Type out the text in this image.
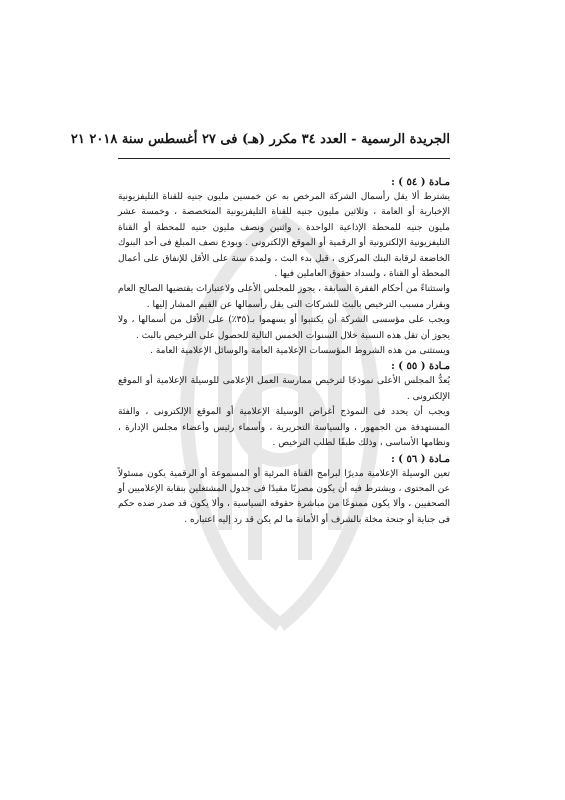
الجريدة الرسمية - العدد ٣٤ مكرر (هـ) فى ٢٧ أغسطس سنة ٢٠١٨ ٢١

مـادة ( ٥٤ ) :

يشترط ألا يقل رأسمال الشركة المرخص به عن خمسين مليون جنيه للقناة التليفزيونية الإخبارية أو العامة ، وثلاثين مليون جنيه للقناة التليفزيونية المتخصصة ، وخمسة عشر مليون جنيه للمحطة الإذاعية الواحدة ، واثنين ونصف مليون جنيه للمحطة أو القناة التليفزيونية الإلكترونية أو الرقمية أو الموقع الإلكترونى . ويودع نصف المبلغ فى أحد البنوك الخاضعة لرقابة البنك المركزى ، قبل بدء البث ، ولمدة سنة على الأقل للإنفاق على أعمال المحطة أو القناة ، ولسداد حقوق العاملين فيها .

واستثناءً من أحكام الفقرة السابقة ، يجوز للمجلس الأعلى ولاعتبارات يقتضيها الصالح العام وبقرار مسبب الترخيص بالبث للشركات التى يقل رأسمالها عن القيم المشار إليها .

ويجب على مؤسسى الشركة أن يكتتبوا أو يسهموا بـ(٣٥٪) على الأقل من أسمالها ، ولا يجوز أن تقل هذه النسبة خلال السنوات الخمس التالية للحصول على الترخيص بالبث .

ويستثنى من هذه الشروط المؤسسات الإعلامية العامة والوسائل الإعلامية العامة .

مـادة ( ٥٥ ) :

يُعدُّ المجلس الأعلى نموذجًا لترخيص ممارسة العمل الإعلامى للوسيلة الإعلامية أو الموقع الإلكترونى .

ويجب أن يحدد فى النموذج أغراض الوسيلة الإعلامية أو الموقع الإلكترونى ، والفئة المستهدفة من الجمهور ، والسياسة التحريرية ، وأسماء رئيس وأعضاء مجلس الإدارة ، ونظامها الأساسى ، وذلك طبقًا لطلب الترخيص .

مـادة ( ٥٦ ) :

تعين الوسيلة الإعلامية مديرًا لبرامج القناة المرئية أو المسموعة أو الرقمية يكون مسئولاً عن المحتوى ، ويشترط فيه أن يكون مصريًا مقيدًا فى جدول المشتغلين بنقابة الإعلاميين أو الصحفيين ، وألا يكون ممنوعًا من مباشرة حقوقه السياسية ، وألا يكون قد صدر ضده حكم فى جناية أو جنحة مخلة بالشرف أو الأمانة ما لم يكن قد رد إليه اعتباره .
